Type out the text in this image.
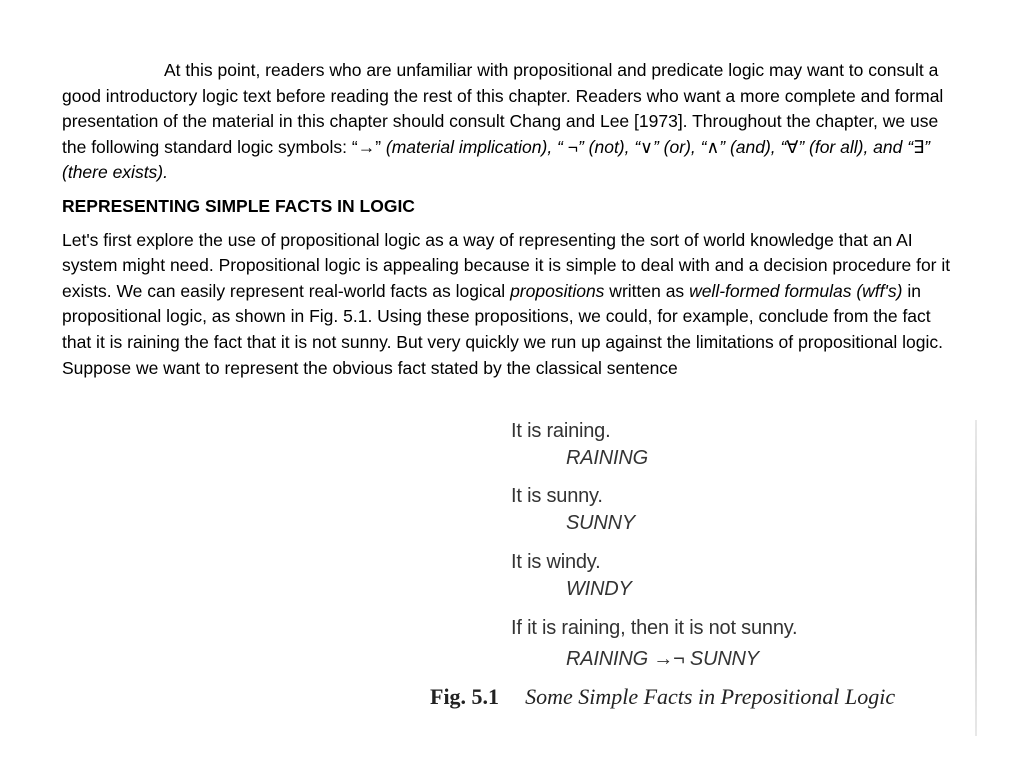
At this point, readers who are unfamiliar with propositional and predicate logic may want to consult a good introductory logic text before reading the rest of this chapter. Readers who want a more complete and formal presentation of the material in this chapter should consult Chang and Lee [1973]. Throughout the chapter, we use the following standard logic symbols: “→” (material implication), “ ¬” (not), “∨” (or), “∧” (and), “∀” (for all), and “∃” (there exists).

REPRESENTING SIMPLE FACTS IN LOGIC

Let's first explore the use of propositional logic as a way of representing the sort of world knowledge that an AI system might need. Propositional logic is appealing because it is simple to deal with and a decision procedure for it exists. We can easily represent real-world facts as logical propositions written as well-formed formulas (wff's) in propositional logic, as shown in Fig. 5.1. Using these propositions, we could, for example, conclude from the fact that it is raining the fact that it is not sunny. But very quickly we run up against the limitations of propositional logic. Suppose we want to represent the obvious fact stated by the classical sentence

It is raining.
RAINING
It is sunny.
SUNNY
It is windy.
WINDY
If it is raining, then it is not sunny.
RAINING →¬ SUNNY
Fig. 5.1 Some Simple Facts in Prepositional Logic
